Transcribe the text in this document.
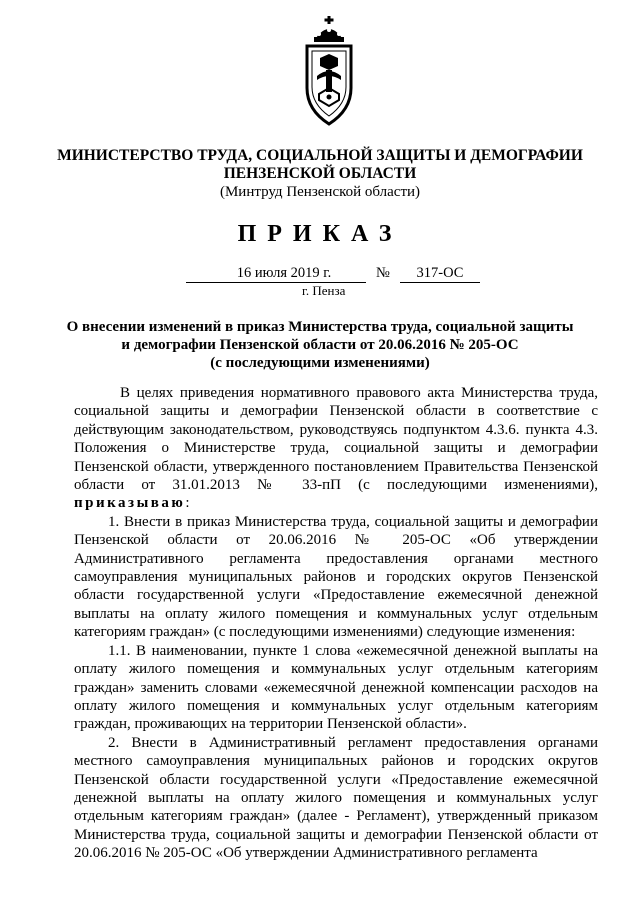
МИНИСТЕРСТВО ТРУДА, СОЦИАЛЬНОЙ ЗАЩИТЫ И ДЕМОГРАФИИ
ПЕНЗЕНСКОЙ ОБЛАСТИ
(Минтруд Пензенской области)
ПРИКАЗ
16 июля 2019 г.	№	317-ОС
г. Пенза
О внесении изменений в приказ Министерства труда, социальной защиты
и демографии Пензенской области от 20.06.2016 № 205-ОС
(с последующими изменениями)

В целях приведения нормативного правового акта Министерства труда, социальной защиты и демографии Пензенской области в соответствие с действующим законодательством, руководствуясь подпунктом 4.3.6. пункта 4.3. Положения о Министерстве труда, социальной защиты и демографии Пензенской области, утвержденного постановлением Правительства Пензенской области от 31.01.2013 № 33-пП (с последующими изменениями), приказываю:

1. Внести в приказ Министерства труда, социальной защиты и демографии Пензенской области от 20.06.2016 № 205-ОС «Об утверждении Административного регламента предоставления органами местного самоуправления муниципальных районов и городских округов Пензенской области государственной услуги «Предоставление ежемесячной денежной выплаты на оплату жилого помещения и коммунальных услуг отдельным категориям граждан» (с последующими изменениями) следующие изменения:

1.1. В наименовании, пункте 1 слова «ежемесячной денежной выплаты на оплату жилого помещения и коммунальных услуг отдельным категориям граждан» заменить словами «ежемесячной денежной компенсации расходов на оплату жилого помещения и коммунальных услуг отдельным категориям граждан, проживающих на территории Пензенской области».

2. Внести в Административный регламент предоставления органами местного самоуправления муниципальных районов и городских округов Пензенской области государственной услуги «Предоставление ежемесячной денежной выплаты на оплату жилого помещения и коммунальных услуг отдельным категориям граждан» (далее - Регламент), утвержденный приказом Министерства труда, социальной защиты и демографии Пензенской области от 20.06.2016 № 205-ОС «Об утверждении Административного регламента
